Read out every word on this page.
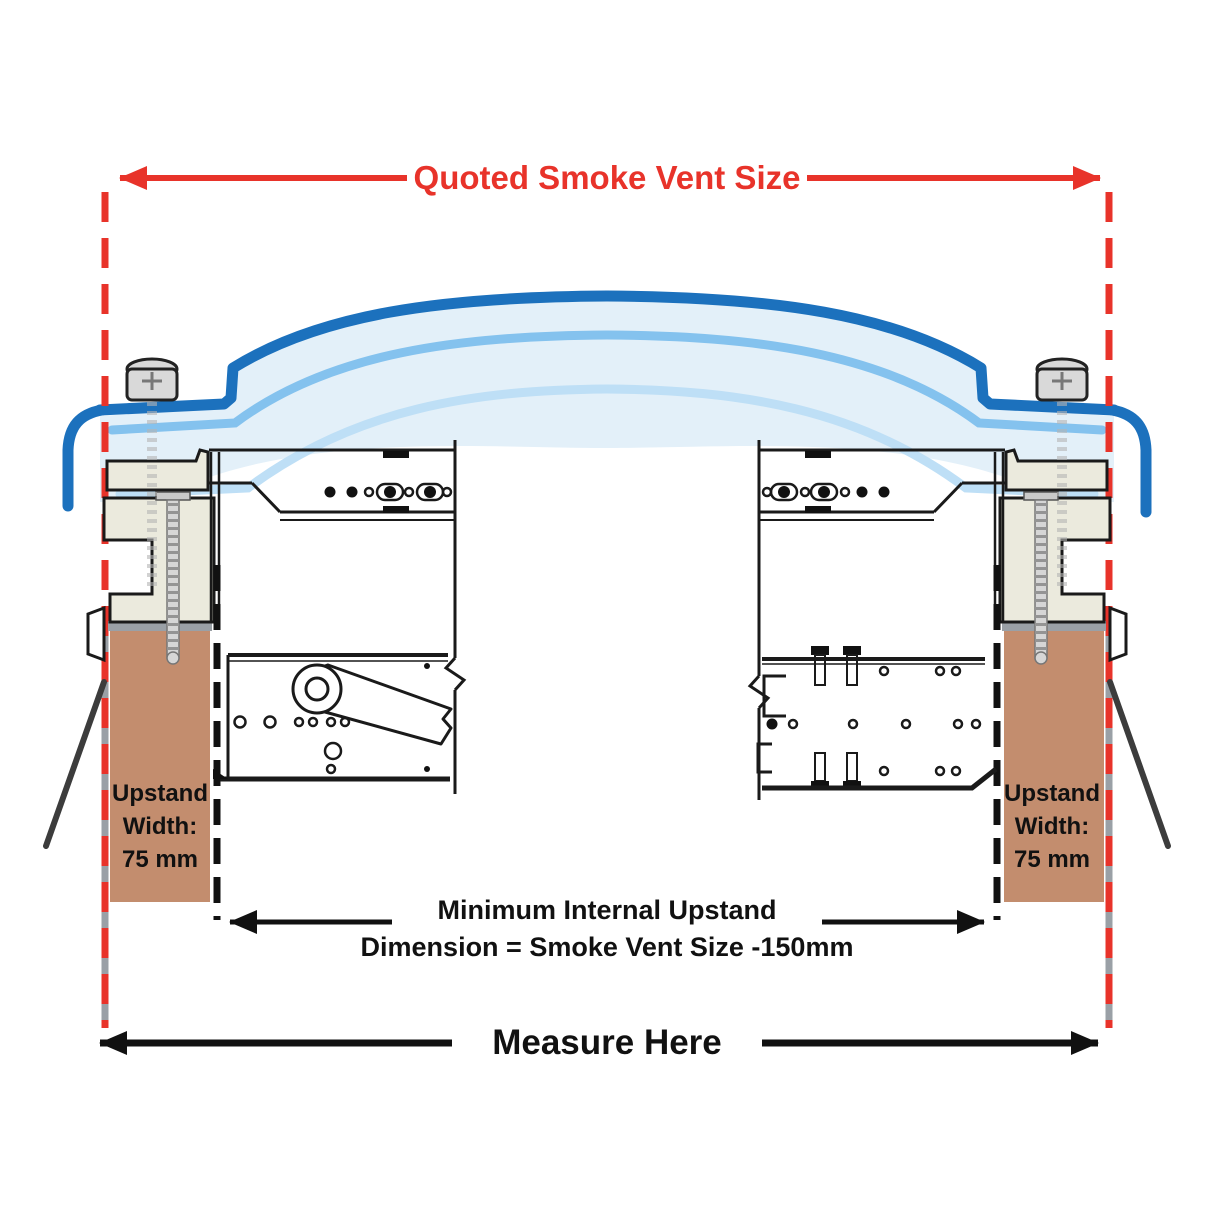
Quoted Smoke Vent Size
Upstand
Width:
75 mm
Upstand
Width:
75 mm
Minimum Internal Upstand
Dimension = Smoke Vent Size -150mm
Measure Here
